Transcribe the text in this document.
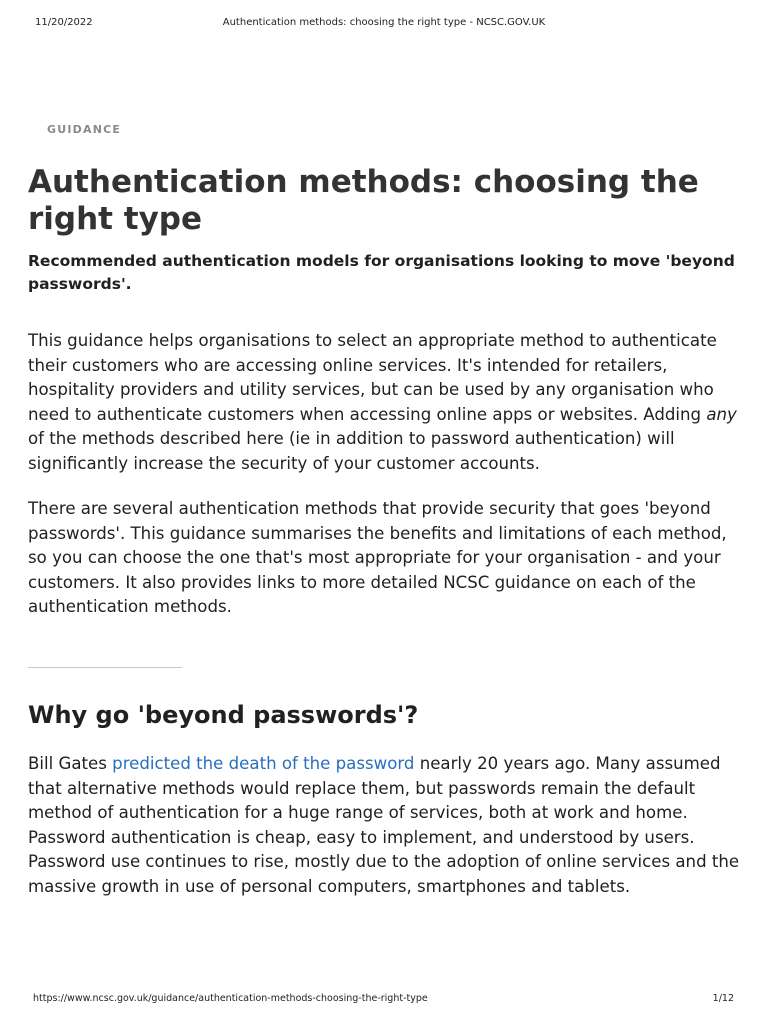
11/20/2022	Authentication methods: choosing the right type - NCSC.GOV.UK
GUIDANCE
Authentication methods: choosing the right type

Recommended authentication models for organisations looking to move 'beyond passwords'.

This guidance helps organisations to select an appropriate method to authenticate their customers who are accessing online services. It's intended for retailers, hospitality providers and utility services, but can be used by any organisation who need to authenticate customers when accessing online apps or websites. Adding any of the methods described here (ie in addition to password authentication) will significantly increase the security of your customer accounts.

There are several authentication methods that provide security that goes 'beyond passwords'. This guidance summarises the benefits and limitations of each method, so you can choose the one that's most appropriate for your organisation - and your customers. It also provides links to more detailed NCSC guidance on each of the authentication methods.

Why go 'beyond passwords'?

Bill Gates predicted the death of the password nearly 20 years ago. Many assumed that alternative methods would replace them, but passwords remain the default method of authentication for a huge range of services, both at work and home. Password authentication is cheap, easy to implement, and understood by users. Password use continues to rise, mostly due to the adoption of online services and the massive growth in use of personal computers, smartphones and tablets.

https://www.ncsc.gov.uk/guidance/authentication-methods-choosing-the-right-type	1/12
